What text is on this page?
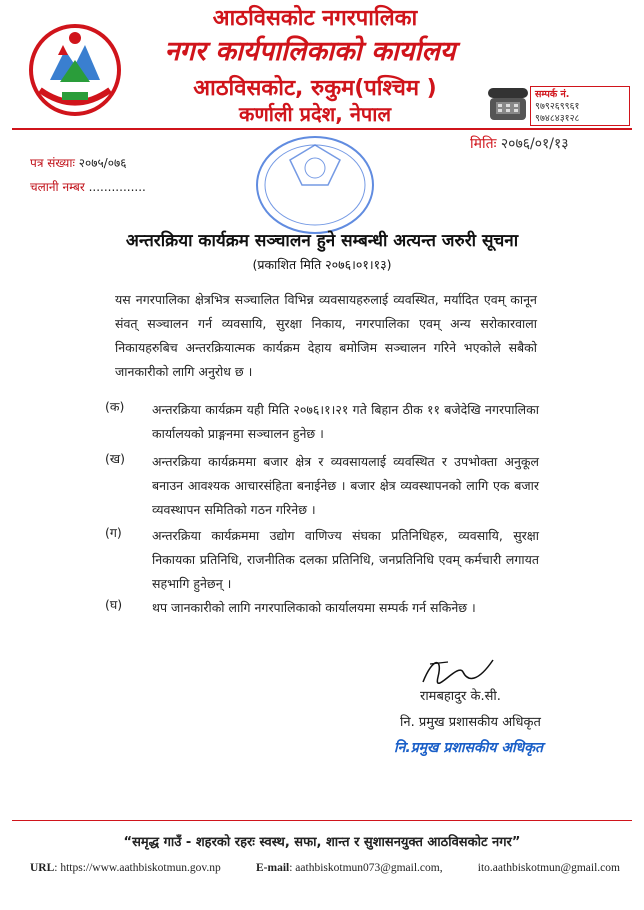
आठविसकोट नगरपालिका
नगर कार्यपालिकाको कार्यालय
आठविसकोट, रुकुम(पश्चिम )
कर्णाली प्रदेश, नेपाल
सम्पर्क नं.
९७९२६९९६१
९७४८४३१२८
मितिः २०७६/०१/१३
पत्र संख्याः २०७५/०७६
चलानी नम्बर ...............
अन्तरक्रिया कार्यक्रम सञ्चालन हुने सम्बन्धी अत्यन्त जरुरी सूचना
(प्रकाशित मिति २०७६।०१।१३)
यस नगरपालिका क्षेत्रभित्र सञ्चालित विभिन्न व्यवसायहरुलाई व्यवस्थित, मर्यादित एवम् कानून संवत् सञ्चालन गर्न व्यवसायि, सुरक्षा निकाय, नगरपालिका एवम् अन्य सरोकारवाला निकायहरुबिच अन्तरक्रियात्मक कार्यक्रम देहाय बमोजिम सञ्चालन गरिने भएकोले सबैको जानकारीको लागि अनुरोध छ ।
(क) अन्तरक्रिया कार्यक्रम यही मिति २०७६।१।२१ गते बिहान ठीक ११ बजेदेखि नगरपालिका कार्यालयको प्राङ्गनमा सञ्चालन हुनेछ ।
(ख) अन्तरक्रिया कार्यक्रममा बजार क्षेत्र र व्यवसायलाई व्यवस्थित र उपभोक्ता अनुकूल बनाउन आवश्यक आचारसंहिता बनाईनेछ । बजार क्षेत्र व्यवस्थापनको लागि एक बजार व्यवस्थापन समितिको गठन गरिनेछ ।
(ग) अन्तरक्रिया कार्यक्रममा उद्योग वाणिज्य संघका प्रतिनिधिहरु, व्यवसायि, सुरक्षा निकायका प्रतिनिधि, राजनीतिक दलका प्रतिनिधि, जनप्रतिनिधि एवम् कर्मचारी लगायत सहभागि हुनेछन् ।
(घ) थप जानकारीको लागि नगरपालिकाको कार्यालयमा सम्पर्क गर्न सकिनेछ ।
रामबहादुर के.सी.
नि. प्रमुख प्रशासकीय अधिकृत
नि.प्रमुख प्रशासकीय अधिकृत
“समृद्ध गाउँ - शहरको रहरः स्वस्थ, सफा, शान्त र सुशासनयुक्त आठविसकोट नगर”
URL: https://www.aathbiskotmun.gov.np	E-mail: aathbiskotmun073@gmail.com,	ito.aathbiskotmun@gmail.com
